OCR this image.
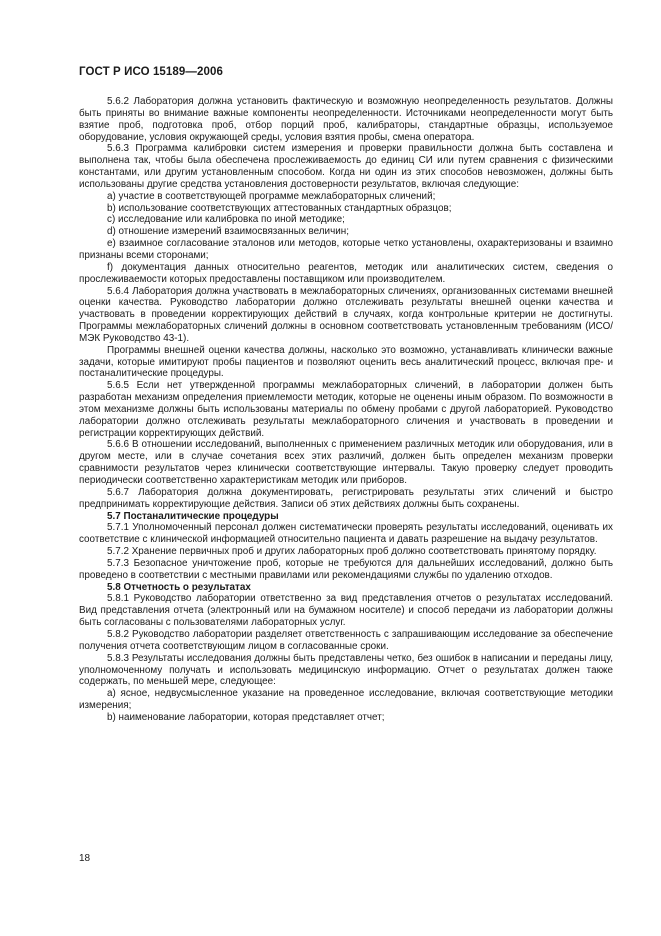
ГОСТ Р ИСО 15189—2006

5.6.2 Лаборатория должна установить фактическую и возможную неопределенность результатов. Должны быть приняты во внимание важные компоненты неопределенности. Источниками неопределенности могут быть взятие проб, подготовка проб, отбор порций проб, калибраторы, стандартные образцы, используемое оборудование, условия окружающей среды, условия взятия пробы, смена оператора.

5.6.3 Программа калибровки систем измерения и проверки правильности должна быть составлена и выполнена так, чтобы была обеспечена прослеживаемость до единиц СИ или путем сравнения с физическими константами, или другим установленным способом. Когда ни один из этих способов невозможен, должны быть использованы другие средства установления достоверности результатов, включая следующие:

a) участие в соответствующей программе межлабораторных сличений;

b) использование соответствующих аттестованных стандартных образцов;

c) исследование или калибровка по иной методике;

d) отношение измерений взаимосвязанных величин;

e) взаимное согласование эталонов или методов, которые четко установлены, охарактеризованы и взаимно признаны всеми сторонами;

f) документация данных относительно реагентов, методик или аналитических систем, сведения о прослеживаемости которых предоставлены поставщиком или производителем.

5.6.4 Лаборатория должна участвовать в межлабораторных сличениях, организованных системами внешней оценки качества. Руководство лаборатории должно отслеживать результаты внешней оценки качества и участвовать в проведении корректирующих действий в случаях, когда контрольные критерии не достигнуты. Программы межлабораторных сличений должны в основном соответствовать установленным требованиям (ИСО/МЭК Руководство 43-1).

Программы внешней оценки качества должны, насколько это возможно, устанавливать клинически важные задачи, которые имитируют пробы пациентов и позволяют оценить весь аналитический процесс, включая пре- и постаналитические процедуры.

5.6.5 Если нет утвержденной программы межлабораторных сличений, в лаборатории должен быть разработан механизм определения приемлемости методик, которые не оценены иным образом. По возможности в этом механизме должны быть использованы материалы по обмену пробами с другой лабораторией. Руководство лаборатории должно отслеживать результаты межлабораторного сличения и участвовать в проведении и регистрации корректирующих действий.

5.6.6 В отношении исследований, выполненных с применением различных методик или оборудования, или в другом месте, или в случае сочетания всех этих различий, должен быть определен механизм проверки сравнимости результатов через клинически соответствующие интервалы. Такую проверку следует проводить периодически соответственно характеристикам методик или приборов.

5.6.7 Лаборатория должна документировать, регистрировать результаты этих сличений и быстро предпринимать корректирующие действия. Записи об этих действиях должны быть сохранены.

5.7 Постаналитические процедуры

5.7.1 Уполномоченный персонал должен систематически проверять результаты исследований, оценивать их соответствие с клинической информацией относительно пациента и давать разрешение на выдачу результатов.

5.7.2 Хранение первичных проб и других лабораторных проб должно соответствовать принятому порядку.

5.7.3 Безопасное уничтожение проб, которые не требуются для дальнейших исследований, должно быть проведено в соответствии с местными правилами или рекомендациями службы по удалению отходов.

5.8 Отчетность о результатах

5.8.1 Руководство лаборатории ответственно за вид представления отчетов о результатах исследований. Вид представления отчета (электронный или на бумажном носителе) и способ передачи из лаборатории должны быть согласованы с пользователями лабораторных услуг.

5.8.2 Руководство лаборатории разделяет ответственность с запрашивающим исследование за обеспечение получения отчета соответствующим лицом в согласованные сроки.

5.8.3 Результаты исследования должны быть представлены четко, без ошибок в написании и переданы лицу, уполномоченному получать и использовать медицинскую информацию. Отчет о результатах должен также содержать, по меньшей мере, следующее:

a) ясное, недвусмысленное указание на проведенное исследование, включая соответствующие методики измерения;

b) наименование лаборатории, которая представляет отчет;

18
